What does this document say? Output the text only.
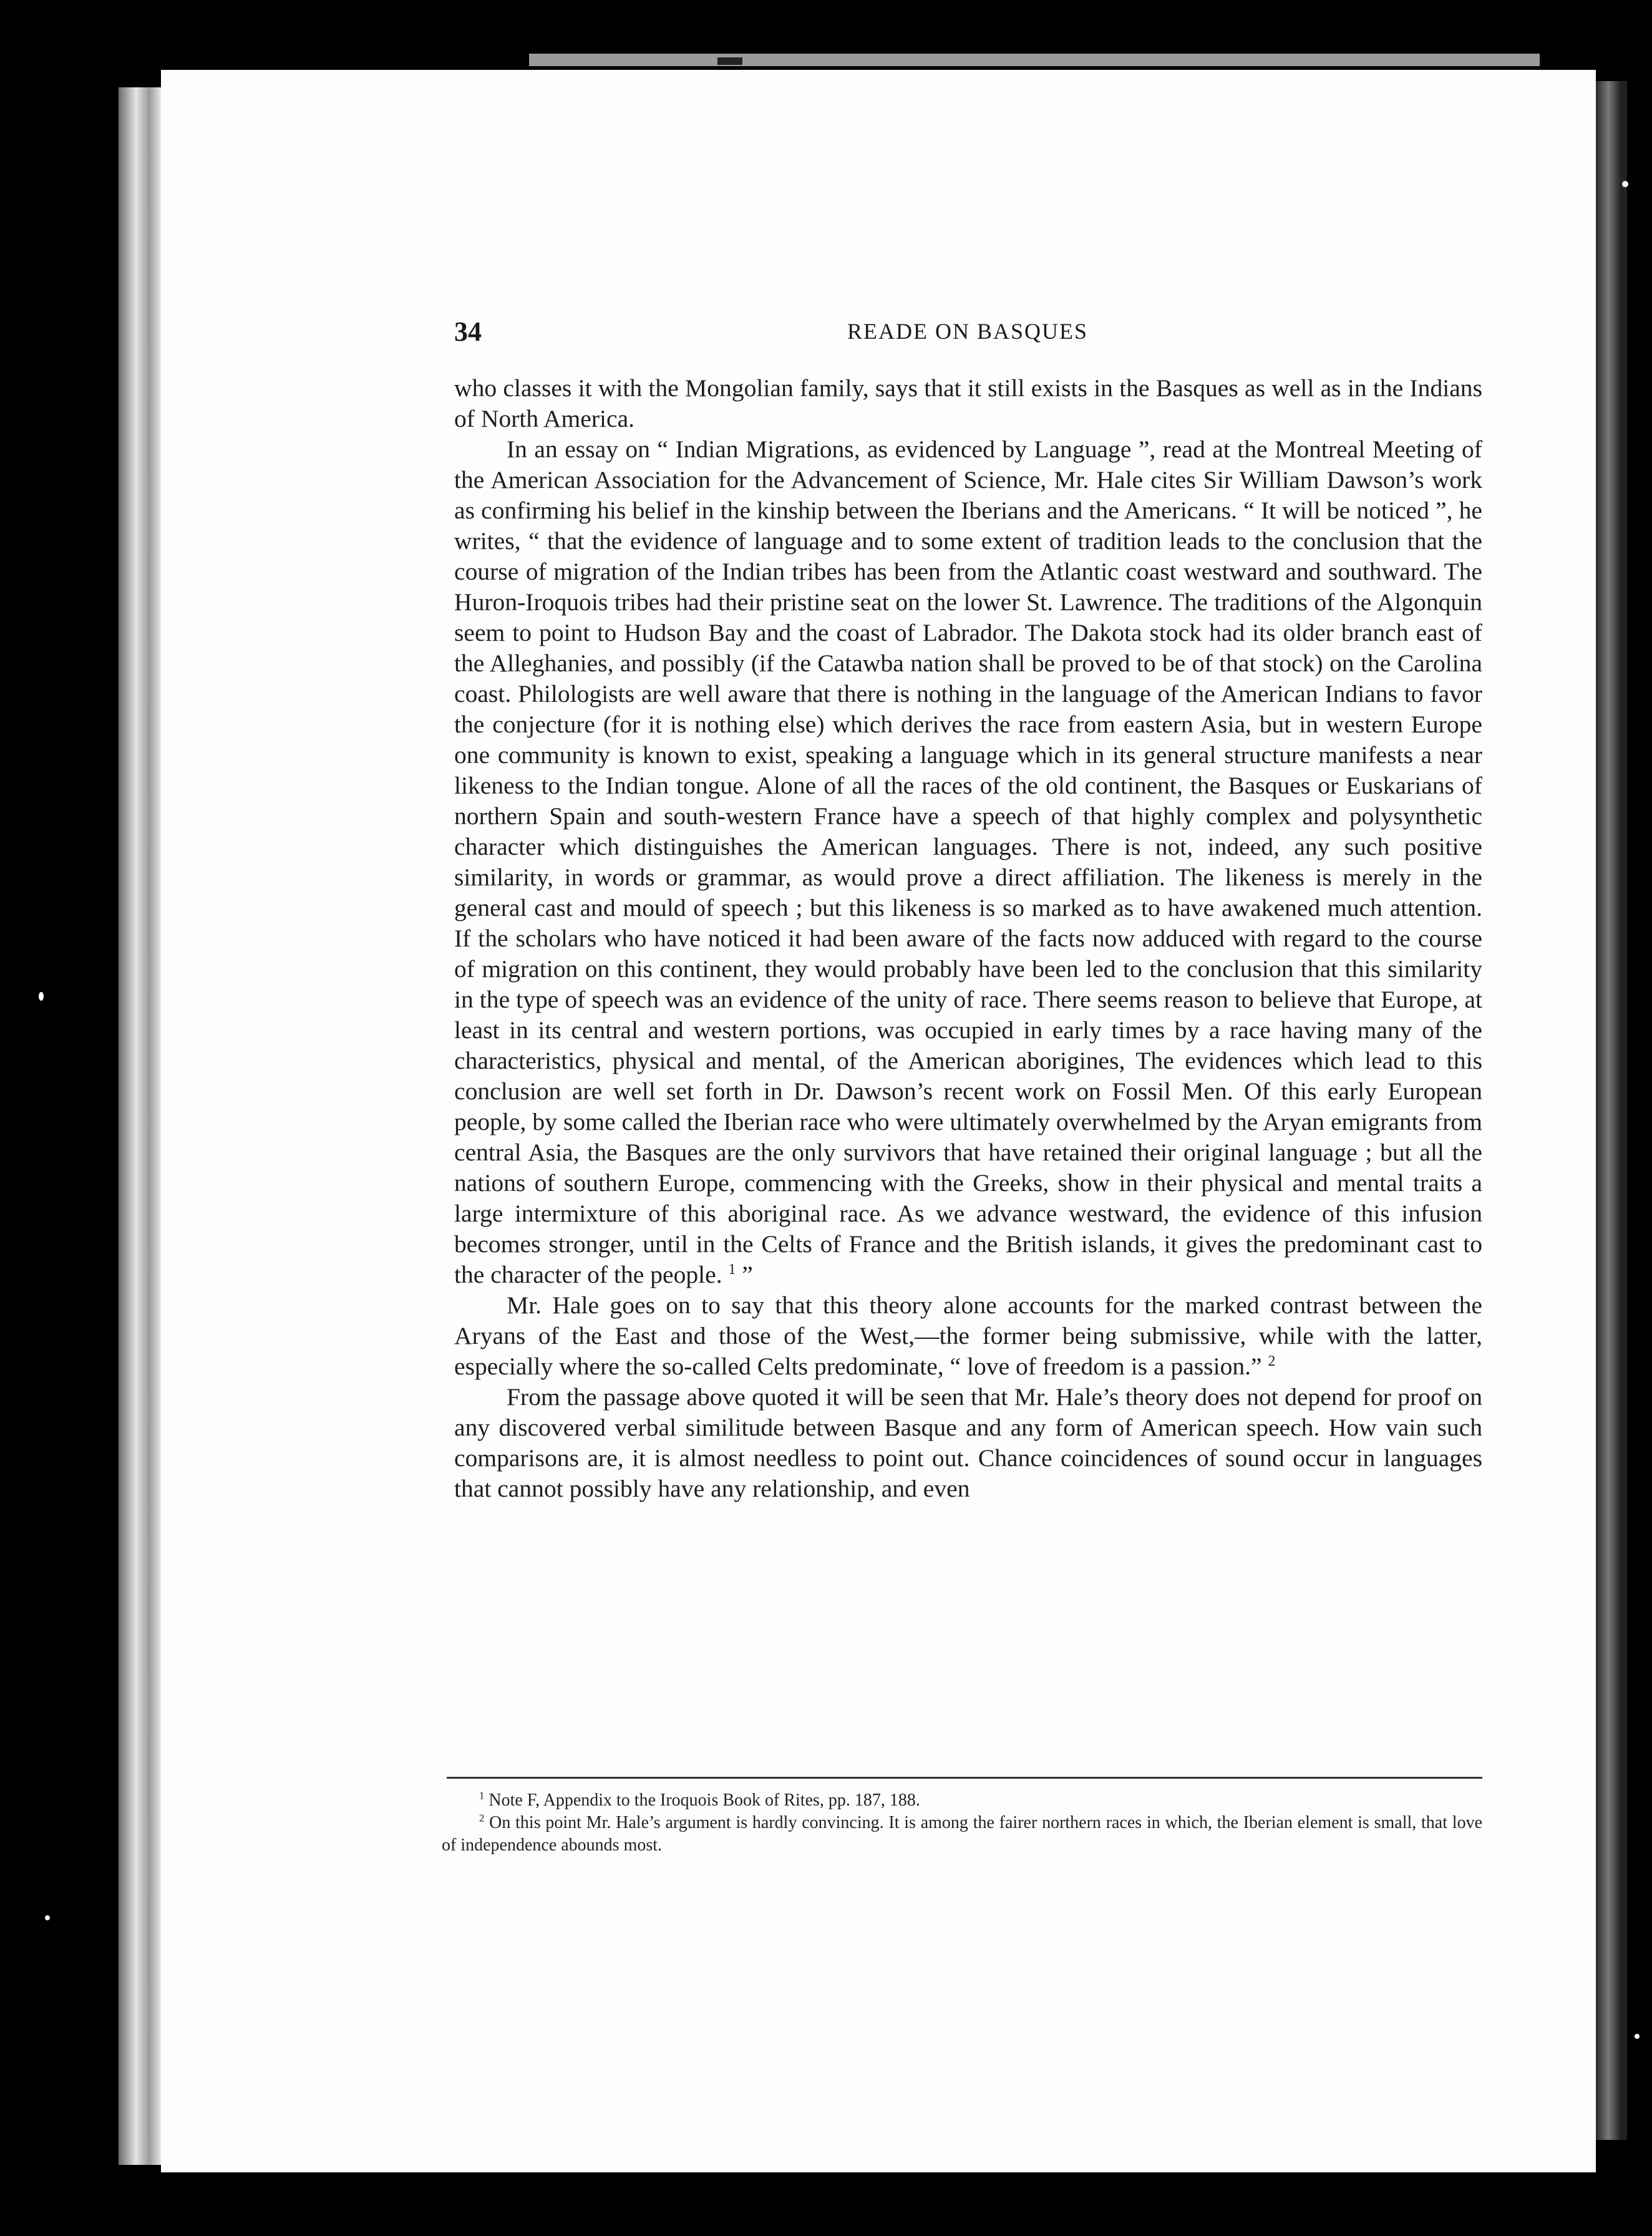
34	READE ON BASQUES

who classes it with the Mongolian family, says that it still exists in the Basques as well as in the Indians of North America.

In an essay on “ Indian Migrations, as evidenced by Language ”, read at the Montreal Meeting of the American Association for the Advancement of Science, Mr. Hale cites Sir William Dawson’s work as confirming his belief in the kinship between the Iberians and the Americans. “ It will be noticed ”, he writes, “ that the evidence of language and to some extent of tradition leads to the conclusion that the course of migration of the Indian tribes has been from the Atlantic coast westward and southward. The Huron-Iroquois tribes had their pristine seat on the lower St. Lawrence. The traditions of the Algonquin seem to point to Hudson Bay and the coast of Labrador. The Dakota stock had its older branch east of the Alleghanies, and possibly (if the Catawba nation shall be proved to be of that stock) on the Carolina coast. Philologists are well aware that there is nothing in the language of the American Indians to favor the conjecture (for it is nothing else) which derives the race from eastern Asia, but in western Europe one community is known to exist, speaking a language which in its general structure manifests a near likeness to the Indian tongue. Alone of all the races of the old continent, the Basques or Euskarians of northern Spain and south-western France have a speech of that highly complex and polysynthetic character which distinguishes the American languages. There is not, indeed, any such positive similarity, in words or grammar, as would prove a direct affiliation. The likeness is merely in the general cast and mould of speech ; but this likeness is so marked as to have awakened much attention. If the scholars who have noticed it had been aware of the facts now adduced with regard to the course of migration on this continent, they would probably have been led to the conclusion that this similarity in the type of speech was an evidence of the unity of race. There seems reason to believe that Europe, at least in its central and western portions, was occupied in early times by a race having many of the characteristics, physical and mental, of the American aborigines, The evidences which lead to this conclusion are well set forth in Dr. Dawson’s recent work on Fossil Men. Of this early European people, by some called the Iberian race who were ultimately overwhelmed by the Aryan emigrants from central Asia, the Basques are the only survivors that have retained their original language ; but all the nations of southern Europe, commencing with the Greeks, show in their physical and mental traits a large intermixture of this aboriginal race. As we advance westward, the evidence of this infusion becomes stronger, until in the Celts of France and the British islands, it gives the predominant cast to the character of the people. $^1$ ”

Mr. Hale goes on to say that this theory alone accounts for the marked contrast between the Aryans of the East and those of the West,—the former being submissive, while with the latter, especially where the so-called Celts predominate, “ love of freedom is a passion.” $^2$

From the passage above quoted it will be seen that Mr. Hale’s theory does not depend for proof on any discovered verbal similitude between Basque and any form of American speech. How vain such comparisons are, it is almost needless to point out. Chance coincidences of sound occur in languages that cannot possibly have any relationship, and even

$^1$ Note F, Appendix to the Iroquois Book of Rites, pp. 187, 188.

$^2$ On this point Mr. Hale’s argument is hardly convincing. It is among the fairer northern races in which, the Iberian element is small, that love of independence abounds most.
